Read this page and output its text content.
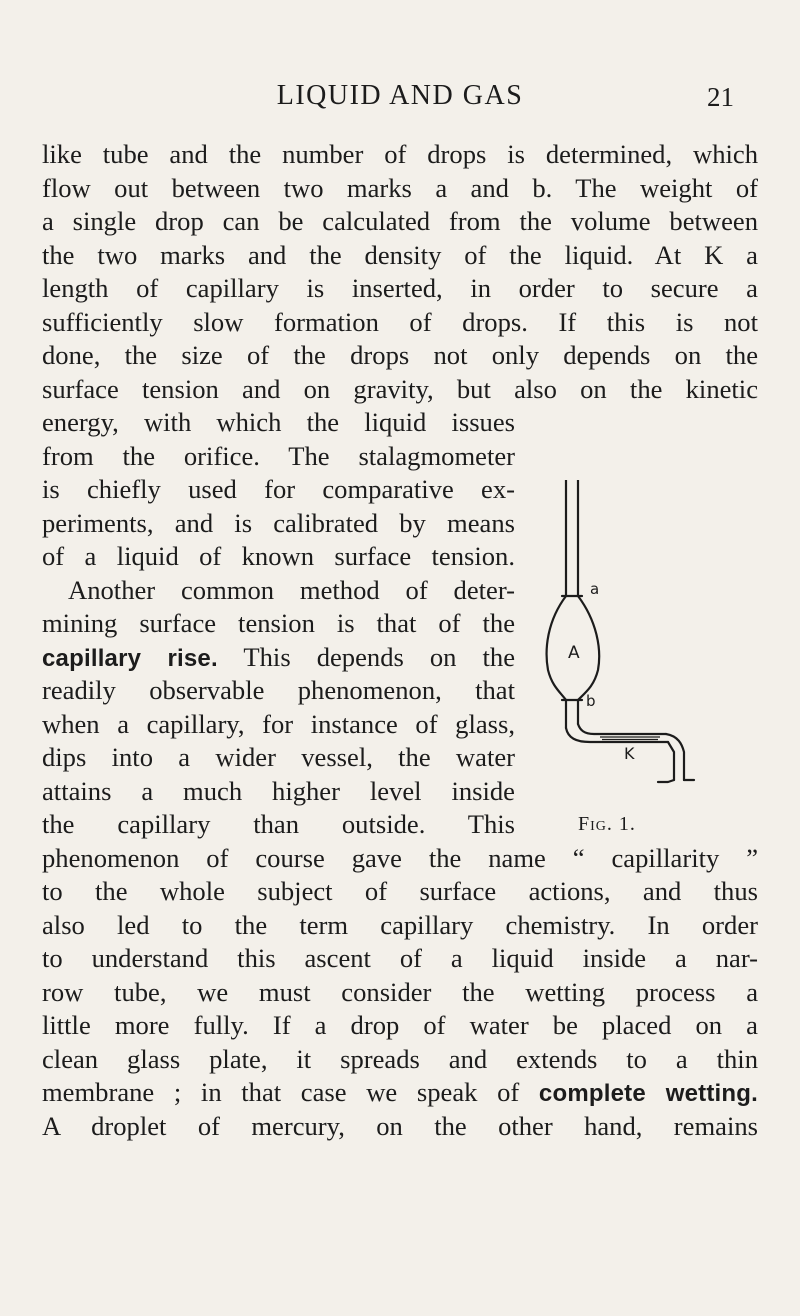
LIQUID AND GAS	21
like tube and the number of drops is determined, which
flow out between two marks a and b. The weight of
a single drop can be calculated from the volume between
the two marks and the density of the liquid. At K a
length of capillary is inserted, in order to secure a
sufficiently slow formation of drops. If this is not
done, the size of the drops not only depends on the
surface tension and on gravity, but also on the kinetic
energy, with which the liquid issues
from the orifice. The stalagmometer
is chiefly used for comparative ex-
periments, and is calibrated by means
of a liquid of known surface tension.
Another common method of deter-
mining surface tension is that of the
capillary rise. This depends on the
readily observable phenomenon, that
when a capillary, for instance of glass,
dips into a wider vessel, the water
attains a much higher level inside
the capillary than outside. This
phenomenon of course gave the name “ capillarity ”
to the whole subject of surface actions, and thus
also led to the term capillary chemistry. In order
to understand this ascent of a liquid inside a nar-
row tube, we must consider the wetting process a
little more fully. If a drop of water be placed on a
clean glass plate, it spreads and extends to a thin
membrane ; in that case we speak of complete wetting.
A droplet of mercury, on the other hand, remains
a
A
b
K
Fig. 1.
